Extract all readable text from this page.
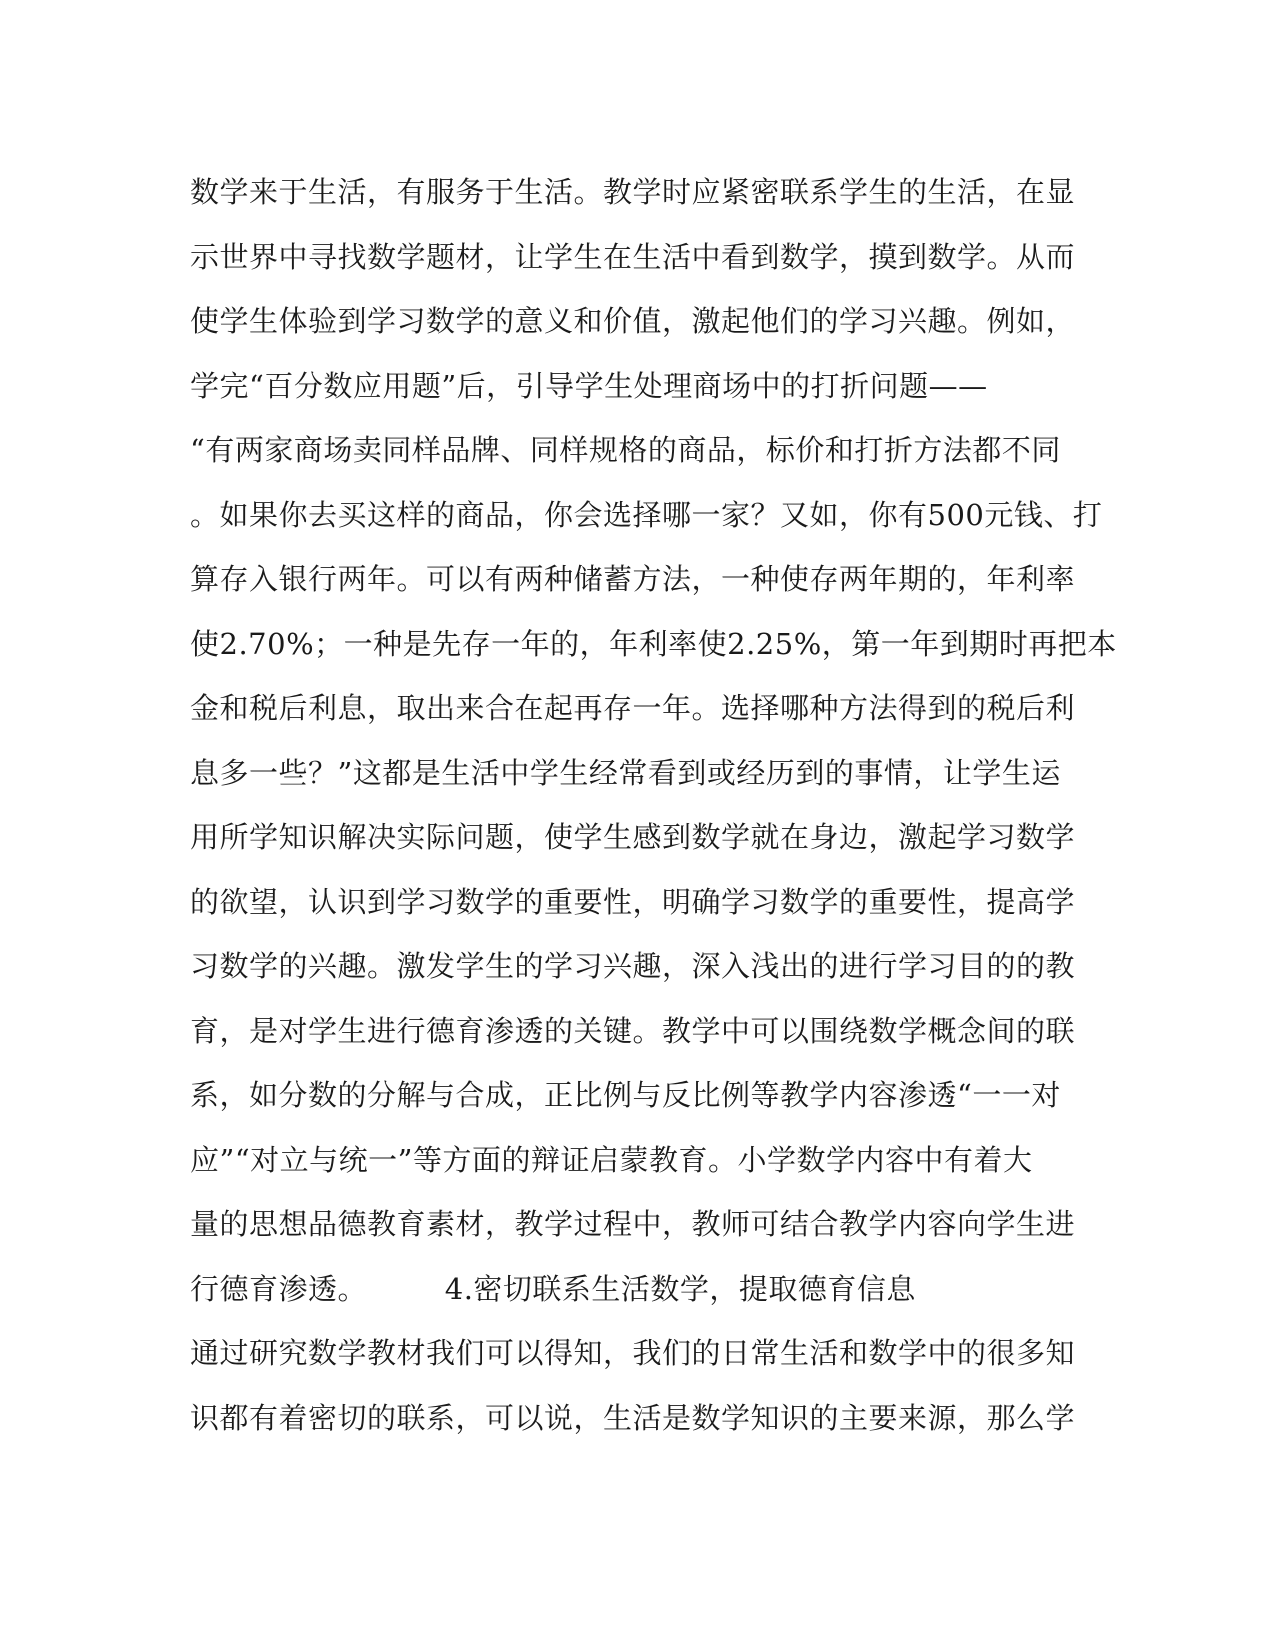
数学来于生活，有服务于生活。教学时应紧密联系学生的生活，在显
示世界中寻找数学题材，让学生在生活中看到数学，摸到数学。从而
使学生体验到学习数学的意义和价值，激起他们的学习兴趣。例如，
学完“百分数应用题”后，引导学生处理商场中的打折问题——
“有两家商场卖同样品牌、同样规格的商品，标价和打折方法都不同
。如果你去买这样的商品，你会选择哪一家？又如，你有500元钱、打
算存入银行两年。可以有两种储蓄方法，一种使存两年期的，年利率
使2.70%；一种是先存一年的，年利率使2.25%，第一年到期时再把本
金和税后利息，取出来合在起再存一年。选择哪种方法得到的税后利
息多一些？”这都是生活中学生经常看到或经历到的事情，让学生运
用所学知识解决实际问题，使学生感到数学就在身边，激起学习数学
的欲望，认识到学习数学的重要性，明确学习数学的重要性，提高学
习数学的兴趣。激发学生的学习兴趣，深入浅出的进行学习目的的教
育，是对学生进行德育渗透的关键。教学中可以围绕数学概念间的联
系，如分数的分解与合成，正比例与反比例等教学内容渗透“一一对
应”“对立与统一”等方面的辩证启蒙教育。小学数学内容中有着大
量的思想品德教育素材，教学过程中，教师可结合教学内容向学生进
行德育渗透。        4.密切联系生活数学，提取德育信息
通过研究数学教材我们可以得知，我们的日常生活和数学中的很多知
识都有着密切的联系，可以说，生活是数学知识的主要来源，那么学
